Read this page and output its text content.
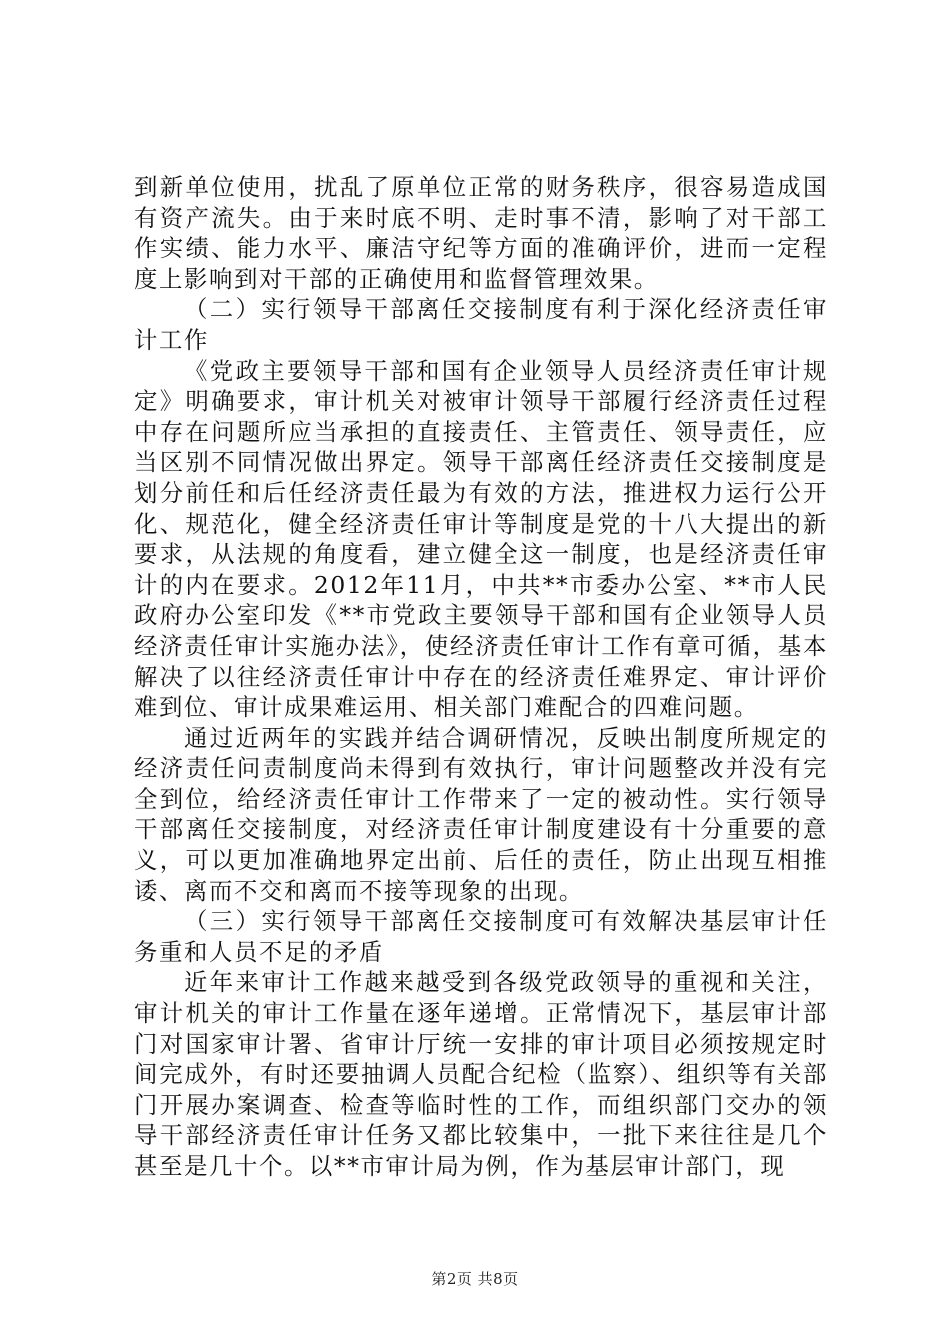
到新单位使用，扰乱了原单位正常的财务秩序，很容易造成国有资产流失。由于来时底不明、走时事不清，影响了对干部工作实绩、能力水平、廉洁守纪等方面的准确评价，进而一定程度上影响到对干部的正确使用和监督管理效果。

（二）实行领导干部离任交接制度有利于深化经济责任审计工作

《党政主要领导干部和国有企业领导人员经济责任审计规定》明确要求，审计机关对被审计领导干部履行经济责任过程中存在问题所应当承担的直接责任、主管责任、领导责任，应当区别不同情况做出界定。领导干部离任经济责任交接制度是划分前任和后任经济责任最为有效的方法，推进权力运行公开化、规范化，健全经济责任审计等制度是党的十八大提出的新要求，从法规的角度看，建立健全这一制度，也是经济责任审计的内在要求。2012年11月，中共**市委办公室、**市人民政府办公室印发《**市党政主要领导干部和国有企业领导人员经济责任审计实施办法》，使经济责任审计工作有章可循，基本解决了以往经济责任审计中存在的经济责任难界定、审计评价难到位、审计成果难运用、相关部门难配合的四难问题。

通过近两年的实践并结合调研情况，反映出制度所规定的经济责任问责制度尚未得到有效执行，审计问题整改并没有完全到位，给经济责任审计工作带来了一定的被动性。实行领导干部离任交接制度，对经济责任审计制度建设有十分重要的意义，可以更加准确地界定出前、后任的责任，防止出现互相推诿、离而不交和离而不接等现象的出现。

（三）实行领导干部离任交接制度可有效解决基层审计任务重和人员不足的矛盾

近年来审计工作越来越受到各级党政领导的重视和关注，审计机关的审计工作量在逐年递增。正常情况下，基层审计部门对国家审计署、省审计厅统一安排的审计项目必须按规定时间完成外，有时还要抽调人员配合纪检（监察）、组织等有关部门开展办案调查、检查等临时性的工作，而组织部门交办的领导干部经济责任审计任务又都比较集中，一批下来往往是几个甚至是几十个。以**市审计局为例，作为基层审计部门，现

第2页 共8页
